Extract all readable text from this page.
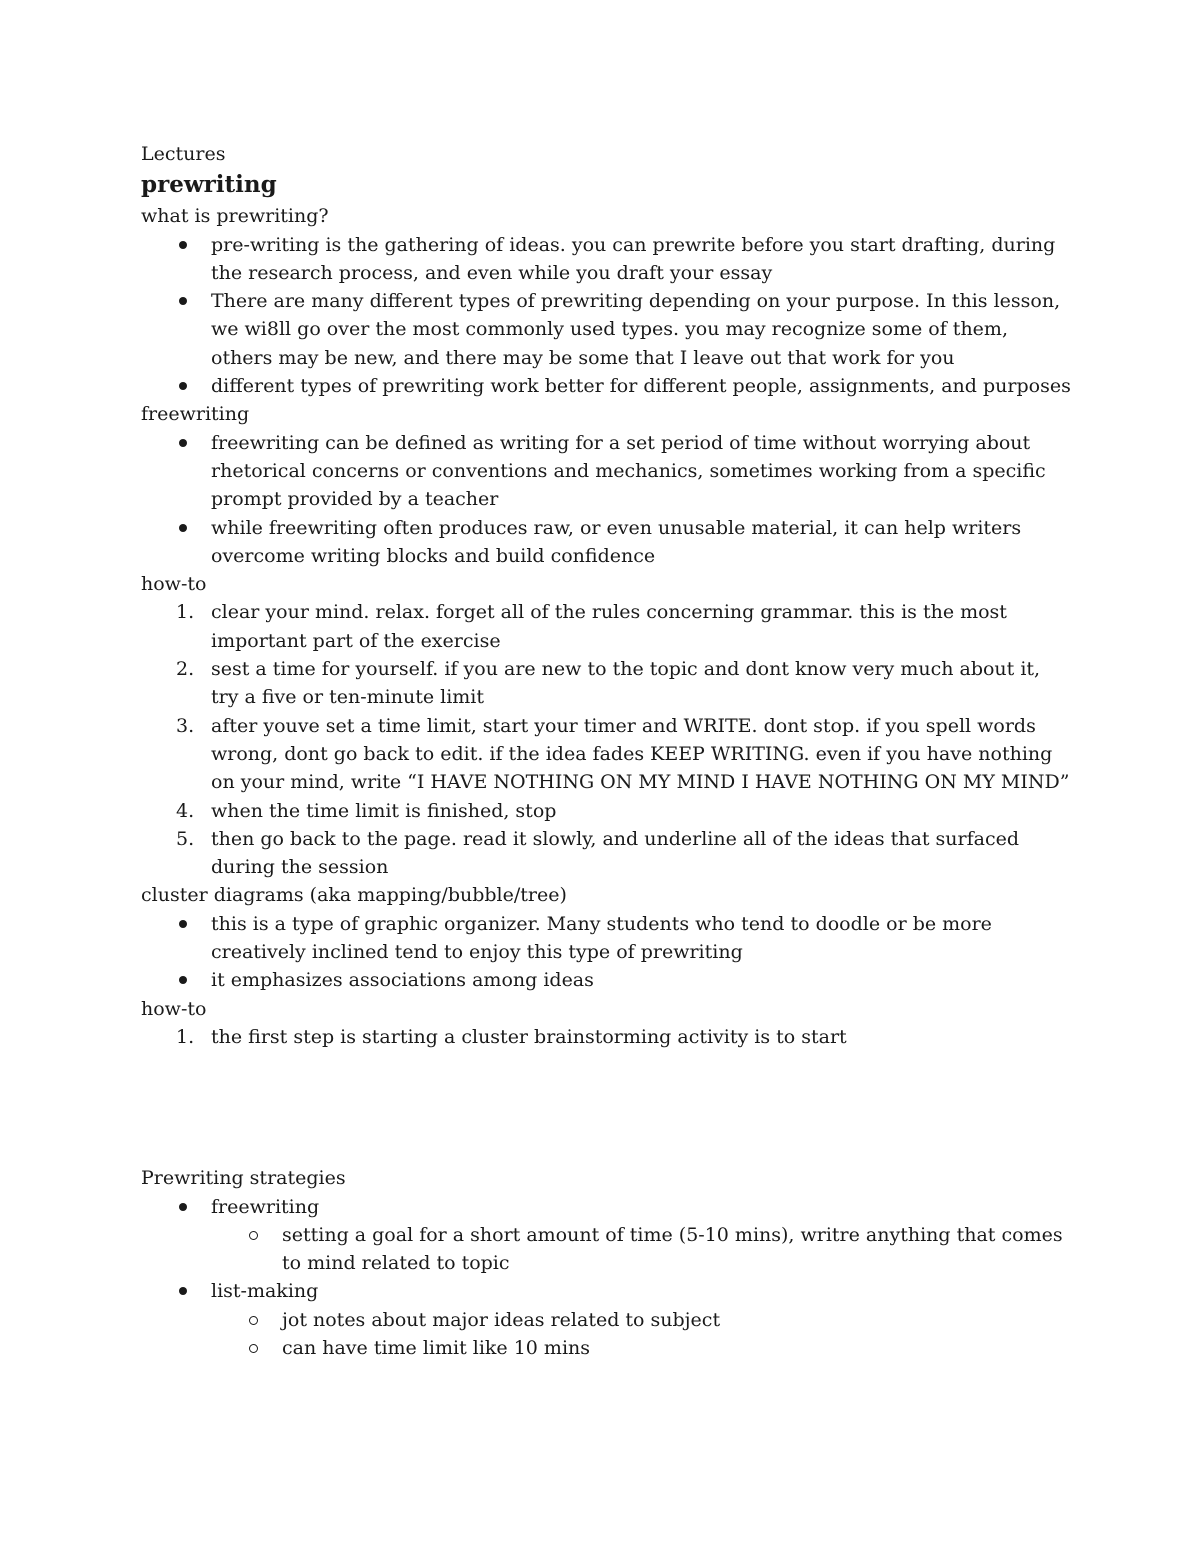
Lectures

prewriting

what is prewriting?

pre-writing is the gathering of ideas. you can prewrite before you start drafting, during the research process, and even while you draft your essay
There are many different types of prewriting depending on your purpose. In this lesson, we wi8ll go over the most commonly used types. you may recognize some of them, others may be new, and there may be some that I leave out that work for you
different types of prewriting work better for different people, assignments, and purposes

freewriting

freewriting can be defined as writing for a set period of time without worrying about rhetorical concerns or conventions and mechanics, sometimes working from a specific prompt provided by a teacher
while freewriting often produces raw, or even unusable material, it can help writers overcome writing blocks and build confidence

how-to

1. clear your mind. relax. forget all of the rules concerning grammar. this is the most important part of the exercise
2. sest a time for yourself. if you are new to the topic and dont know very much about it, try a five or ten-minute limit
3. after youve set a time limit, start your timer and WRITE. dont stop. if you spell words wrong, dont go back to edit. if the idea fades KEEP WRITING. even if you have nothing on your mind, write “I HAVE NOTHING ON MY MIND I HAVE NOTHING ON MY MIND”
4. when the time limit is finished, stop
5. then go back to the page. read it slowly, and underline all of the ideas that surfaced during the session

cluster diagrams (aka mapping/bubble/tree)

this is a type of graphic organizer. Many students who tend to doodle or be more creatively inclined tend to enjoy this type of prewriting
it emphasizes associations among ideas

how-to

1. the first step is starting a cluster brainstorming activity is to start

Prewriting strategies

freewriting
setting a goal for a short amount of time (5-10 mins), writre anything that comes to mind related to topic
list-making
jot notes about major ideas related to subject
can have time limit like 10 mins
